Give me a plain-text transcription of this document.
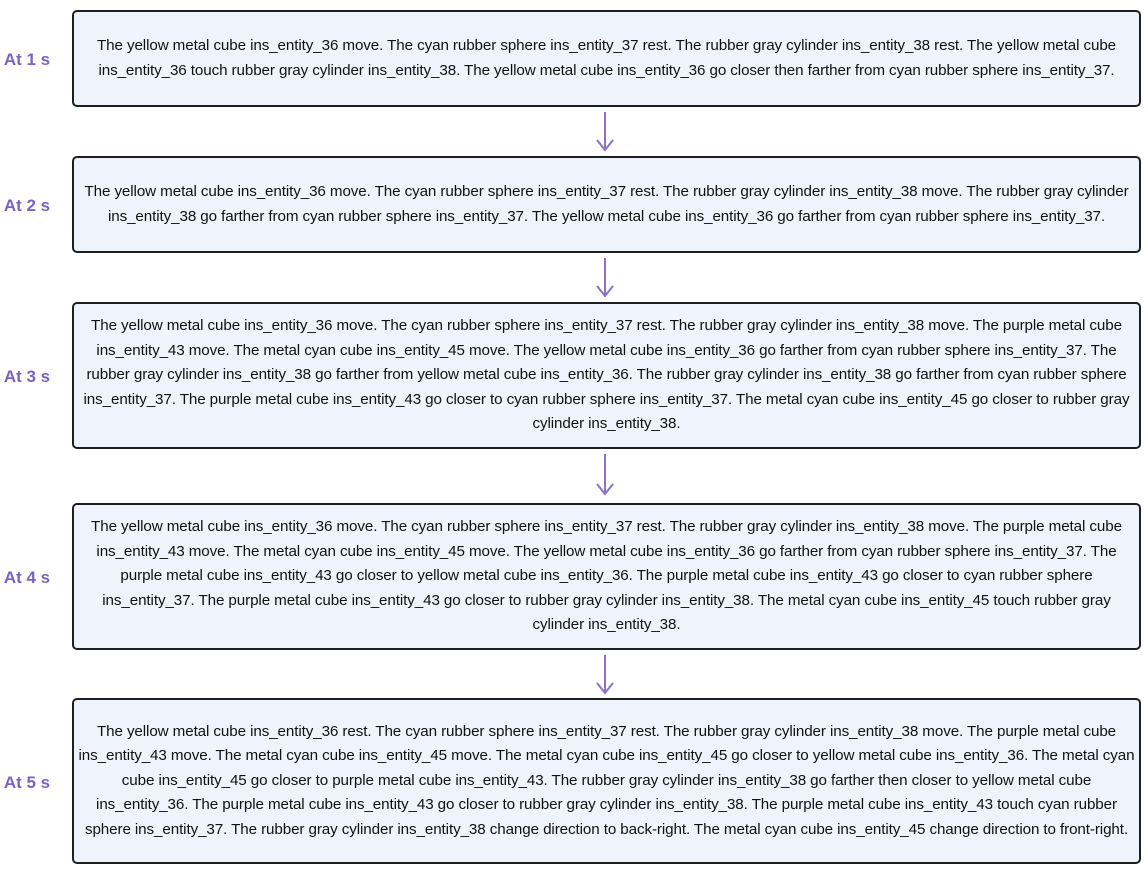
At 1 s
The yellow metal cube ins_entity_36 move. The cyan rubber sphere ins_entity_37 rest. The rubber gray cylinder ins_entity_38 rest. The yellow metal cube ins_entity_36 touch rubber gray cylinder ins_entity_38. The yellow metal cube ins_entity_36 go closer then farther from cyan rubber sphere ins_entity_37.
At 2 s
The yellow metal cube ins_entity_36 move. The cyan rubber sphere ins_entity_37 rest. The rubber gray cylinder ins_entity_38 move. The rubber gray cylinder ins_entity_38 go farther from cyan rubber sphere ins_entity_37. The yellow metal cube ins_entity_36 go farther from cyan rubber sphere ins_entity_37.
At 3 s
The yellow metal cube ins_entity_36 move. The cyan rubber sphere ins_entity_37 rest. The rubber gray cylinder ins_entity_38 move. The purple metal cube ins_entity_43 move. The metal cyan cube ins_entity_45 move. The yellow metal cube ins_entity_36 go farther from cyan rubber sphere ins_entity_37. The rubber gray cylinder ins_entity_38 go farther from yellow metal cube ins_entity_36. The rubber gray cylinder ins_entity_38 go farther from cyan rubber sphere ins_entity_37. The purple metal cube ins_entity_43 go closer to cyan rubber sphere ins_entity_37. The metal cyan cube ins_entity_45 go closer to rubber gray cylinder ins_entity_38.
At 4 s
The yellow metal cube ins_entity_36 move. The cyan rubber sphere ins_entity_37 rest. The rubber gray cylinder ins_entity_38 move. The purple metal cube ins_entity_43 move. The metal cyan cube ins_entity_45 move. The yellow metal cube ins_entity_36 go farther from cyan rubber sphere ins_entity_37. The purple metal cube ins_entity_43 go closer to yellow metal cube ins_entity_36. The purple metal cube ins_entity_43 go closer to cyan rubber sphere ins_entity_37. The purple metal cube ins_entity_43 go closer to rubber gray cylinder ins_entity_38. The metal cyan cube ins_entity_45 touch rubber gray cylinder ins_entity_38.
At 5 s
The yellow metal cube ins_entity_36 rest. The cyan rubber sphere ins_entity_37 rest. The rubber gray cylinder ins_entity_38 move. The purple metal cube ins_entity_43 move. The metal cyan cube ins_entity_45 move. The metal cyan cube ins_entity_45 go closer to yellow metal cube ins_entity_36. The metal cyan cube ins_entity_45 go closer to purple metal cube ins_entity_43. The rubber gray cylinder ins_entity_38 go farther then closer to yellow metal cube ins_entity_36. The purple metal cube ins_entity_43 go closer to rubber gray cylinder ins_entity_38. The purple metal cube ins_entity_43 touch cyan rubber sphere ins_entity_37. The rubber gray cylinder ins_entity_38 change direction to back-right. The metal cyan cube ins_entity_45 change direction to front-right.
